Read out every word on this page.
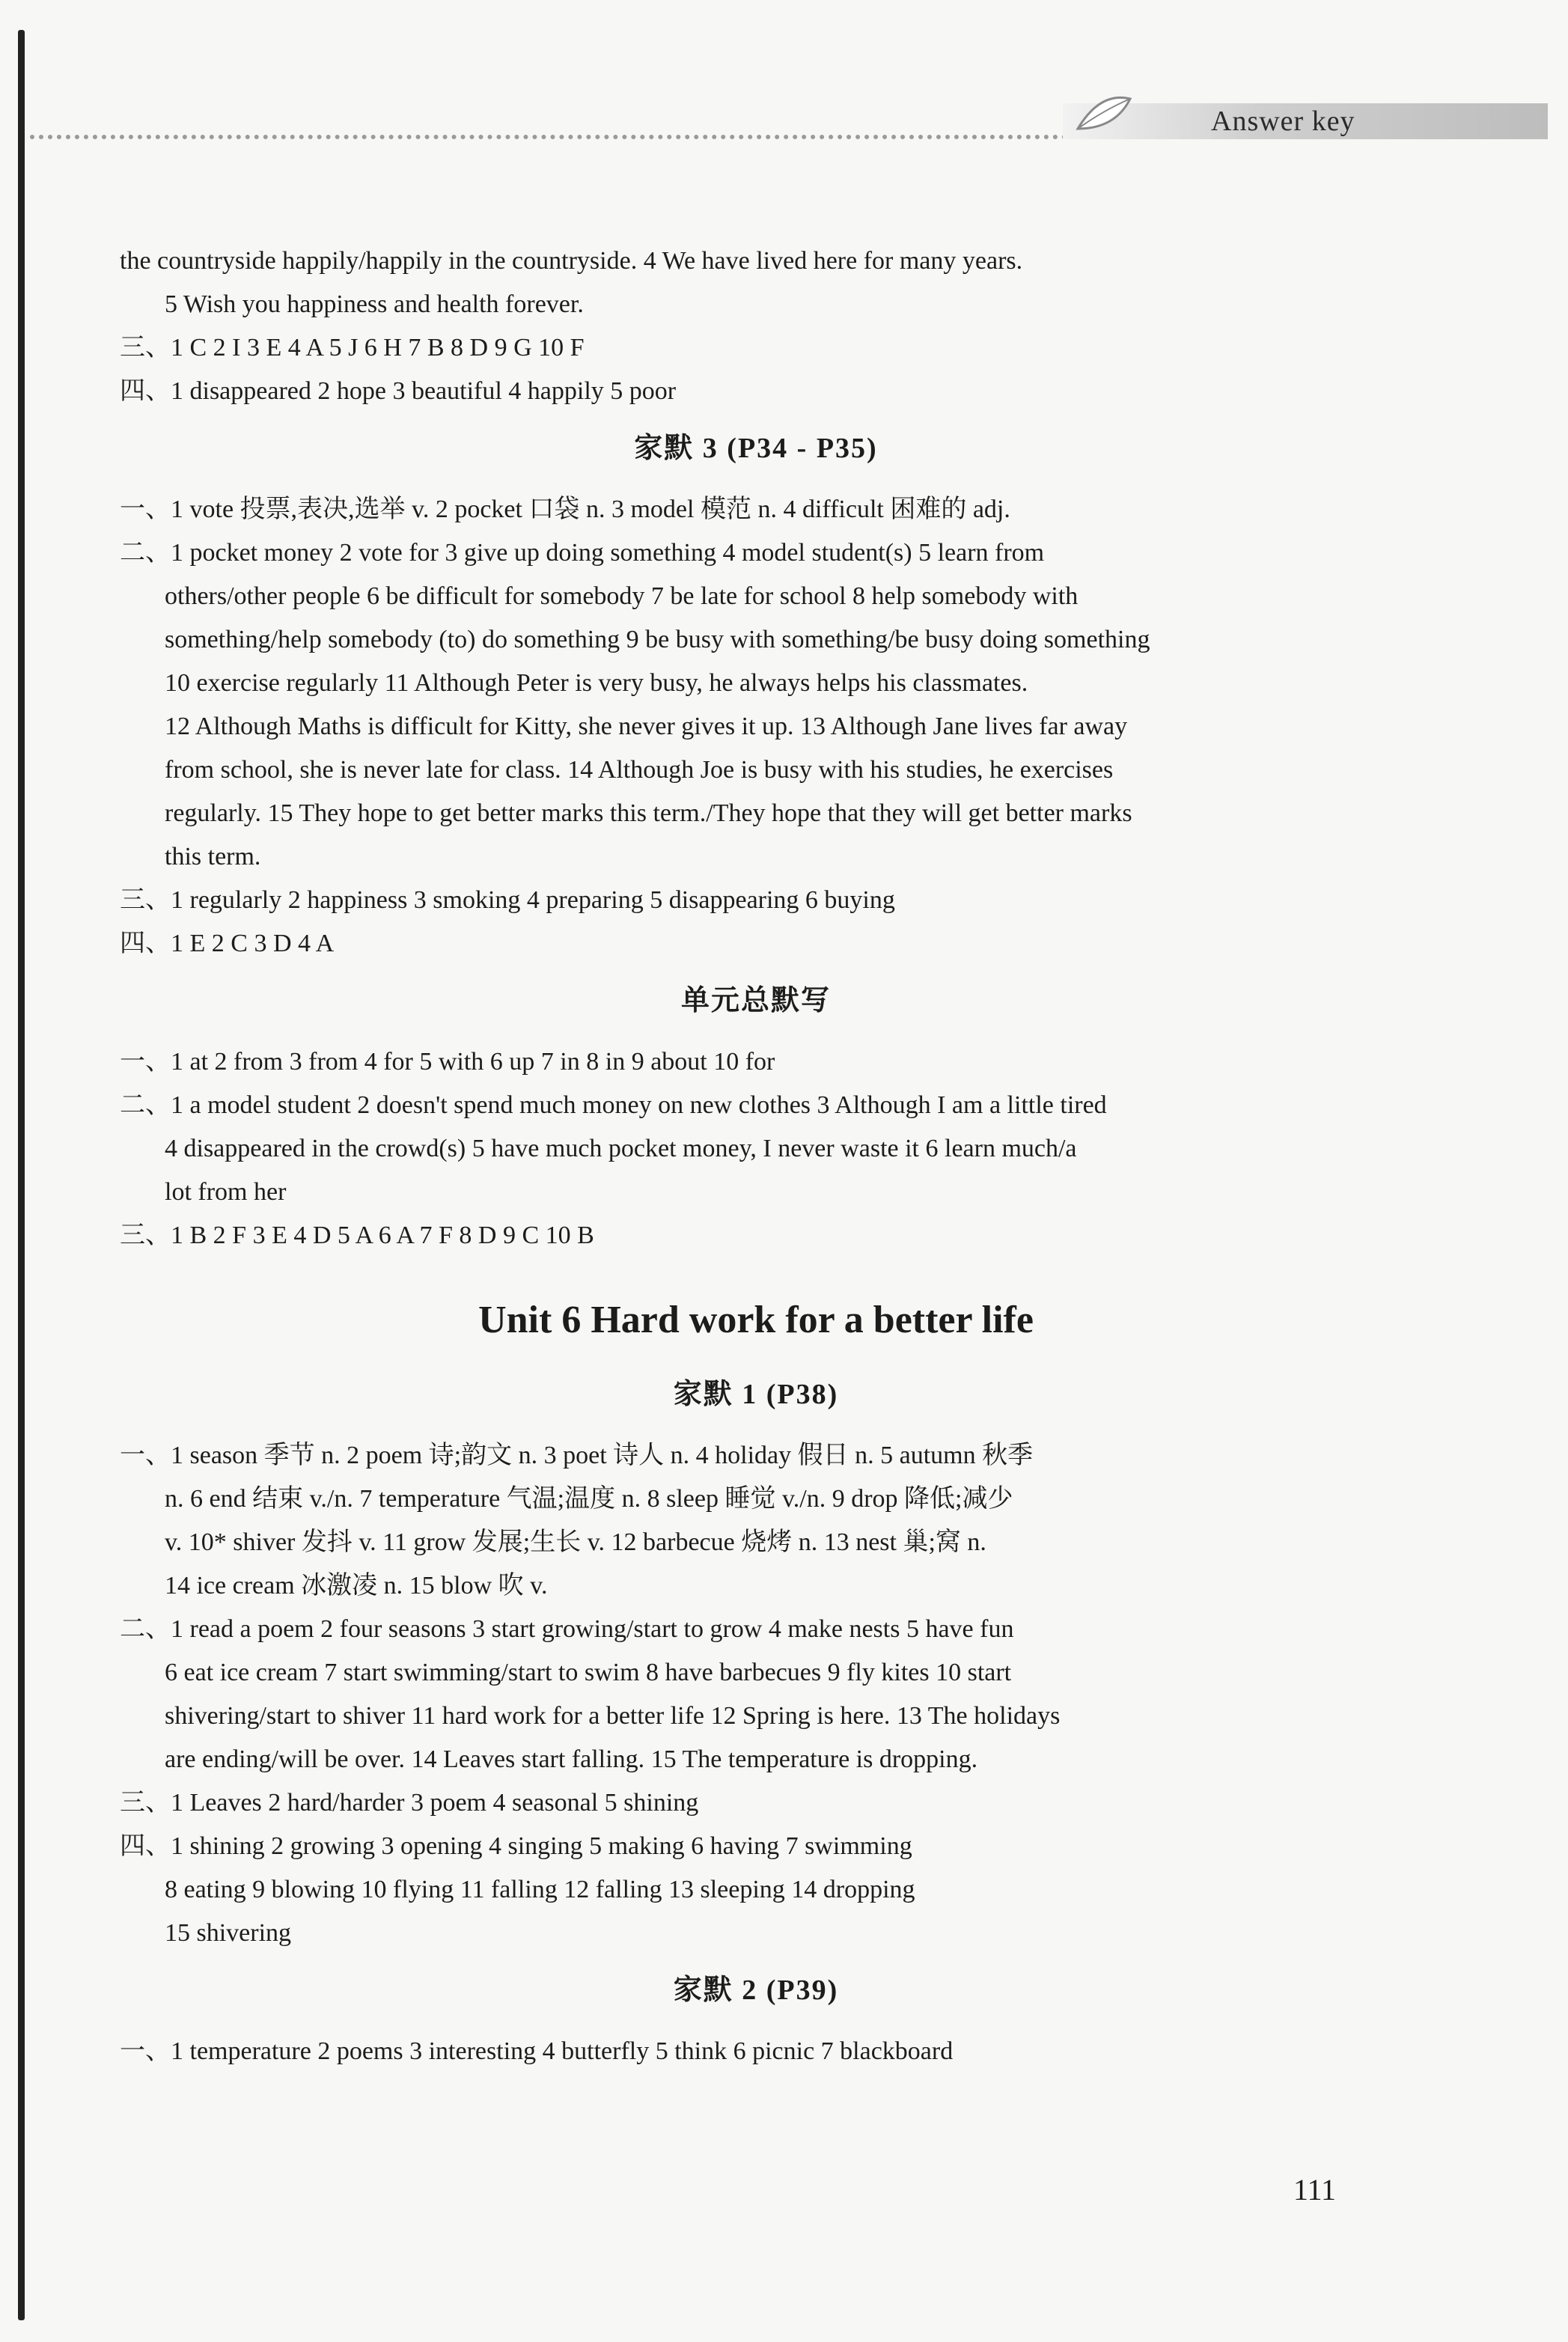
Answer key
the countryside happily/happily in the countryside. 4 We have lived here for many years.
5 Wish you happiness and health forever.
三、1 C 2 I 3 E 4 A 5 J 6 H 7 B 8 D 9 G 10 F
四、1 disappeared 2 hope 3 beautiful 4 happily 5 poor
家默 3 (P34 - P35)
一、1 vote 投票,表决,选举 v. 2 pocket 口袋 n. 3 model 模范 n. 4 difficult 困难的 adj.
二、1 pocket money 2 vote for 3 give up doing something 4 model student(s) 5 learn from
others/other people 6 be difficult for somebody 7 be late for school 8 help somebody with
something/help somebody (to) do something 9 be busy with something/be busy doing something
10 exercise regularly 11 Although Peter is very busy, he always helps his classmates.
12 Although Maths is difficult for Kitty, she never gives it up. 13 Although Jane lives far away
from school, she is never late for class. 14 Although Joe is busy with his studies, he exercises
regularly. 15 They hope to get better marks this term./They hope that they will get better marks
this term.
三、1 regularly 2 happiness 3 smoking 4 preparing 5 disappearing 6 buying
四、1 E 2 C 3 D 4 A
单元总默写
一、1 at 2 from 3 from 4 for 5 with 6 up 7 in 8 in 9 about 10 for
二、1 a model student 2 doesn't spend much money on new clothes 3 Although I am a little tired
4 disappeared in the crowd(s) 5 have much pocket money, I never waste it 6 learn much/a
lot from her
三、1 B 2 F 3 E 4 D 5 A 6 A 7 F 8 D 9 C 10 B
Unit 6 Hard work for a better life
家默 1 (P38)
一、1 season 季节 n. 2 poem 诗;韵文 n. 3 poet 诗人 n. 4 holiday 假日 n. 5 autumn 秋季
n. 6 end 结束 v./n. 7 temperature 气温;温度 n. 8 sleep 睡觉 v./n. 9 drop 降低;减少
v. 10* shiver 发抖 v. 11 grow 发展;生长 v. 12 barbecue 烧烤 n. 13 nest 巢;窝 n.
14 ice cream 冰激凌 n. 15 blow 吹 v.
二、1 read a poem 2 four seasons 3 start growing/start to grow 4 make nests 5 have fun
6 eat ice cream 7 start swimming/start to swim 8 have barbecues 9 fly kites 10 start
shivering/start to shiver 11 hard work for a better life 12 Spring is here. 13 The holidays
are ending/will be over. 14 Leaves start falling. 15 The temperature is dropping.
三、1 Leaves 2 hard/harder 3 poem 4 seasonal 5 shining
四、1 shining 2 growing 3 opening 4 singing 5 making 6 having 7 swimming
8 eating 9 blowing 10 flying 11 falling 12 falling 13 sleeping 14 dropping
15 shivering
家默 2 (P39)
一、1 temperature 2 poems 3 interesting 4 butterfly 5 think 6 picnic 7 blackboard
111
